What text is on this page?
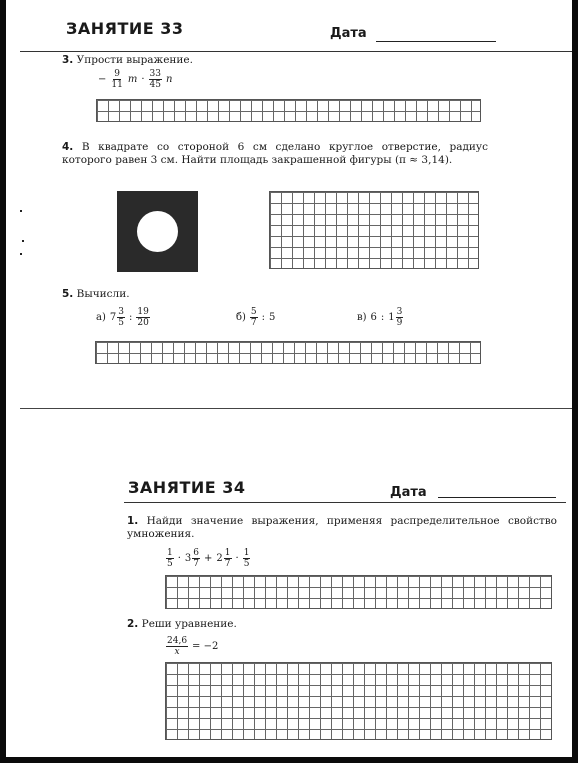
ЗАНЯТИЕ 33	Дата
3. Упрости выражение.
− $\frac{9}{11}$ $m \cdot \frac{33}{45}$ n
4. В квадрате со стороной 6 см сделано круглое отверстие, радиус которого равен 3 см. Найти площадь закрашенной фигуры (π ≈ 3,14).
5. Вычисли.
а) $7 \frac{3}{5}$ : $\frac{19}{20}$	$б) \frac{5}{7}$ : 5	в) 6 : $1 \frac{3}{9}$
ЗАНЯТИЕ 34	Дата
1. Найди значение выражения, применяя распределительное свойство умножения.
$\frac{1}{5} \cdot 3 \frac{6}{7} + 2 \frac{1}{7} \cdot \frac{1}{5}$
2. Реши уравнение.
$\frac{24,6}{x} = -2$
